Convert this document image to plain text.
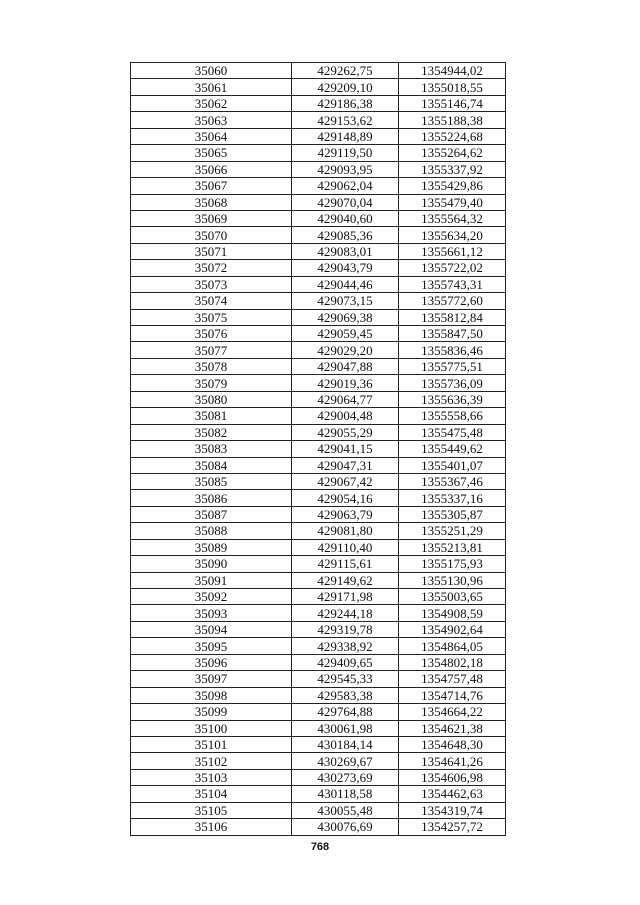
35060	429262,75	1354944,02
35061	429209,10	1355018,55
35062	429186,38	1355146,74
35063	429153,62	1355188,38
35064	429148,89	1355224,68
35065	429119,50	1355264,62
35066	429093,95	1355337,92
35067	429062,04	1355429,86
35068	429070,04	1355479,40
35069	429040,60	1355564,32
35070	429085,36	1355634,20
35071	429083,01	1355661,12
35072	429043,79	1355722,02
35073	429044,46	1355743,31
35074	429073,15	1355772,60
35075	429069,38	1355812,84
35076	429059,45	1355847,50
35077	429029,20	1355836,46
35078	429047,88	1355775,51
35079	429019,36	1355736,09
35080	429064,77	1355636,39
35081	429004,48	1355558,66
35082	429055,29	1355475,48
35083	429041,15	1355449,62
35084	429047,31	1355401,07
35085	429067,42	1355367,46
35086	429054,16	1355337,16
35087	429063,79	1355305,87
35088	429081,80	1355251,29
35089	429110,40	1355213,81
35090	429115,61	1355175,93
35091	429149,62	1355130,96
35092	429171,98	1355003,65
35093	429244,18	1354908,59
35094	429319,78	1354902,64
35095	429338,92	1354864,05
35096	429409,65	1354802,18
35097	429545,33	1354757,48
35098	429583,38	1354714,76
35099	429764,88	1354664,22
35100	430061,98	1354621,38
35101	430184,14	1354648,30
35102	430269,67	1354641,26
35103	430273,69	1354606,98
35104	430118,58	1354462,63
35105	430055,48	1354319,74
35106	430076,69	1354257,72
768
